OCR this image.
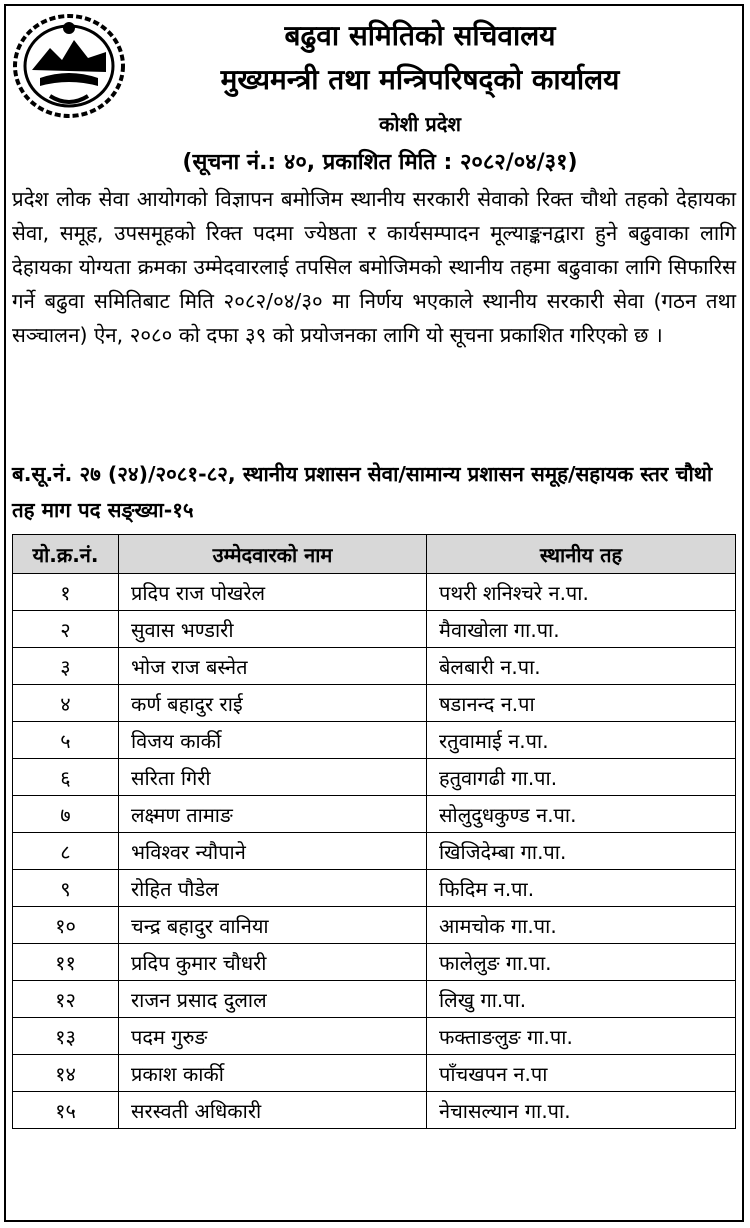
बढुवा समितिको सचिवालय
मुख्यमन्त्री तथा मन्त्रिपरिषद्को कार्यालय
कोशी प्रदेश
(सूचना नं.: ४०, प्रकाशित मिति : २०८२/०४/३१)
प्रदेश लोक सेवा आयोगको विज्ञापन बमोजिम स्थानीय सरकारी सेवाको रिक्त चौथो तहको देहायका सेवा, समूह, उपसमूहको रिक्त पदमा ज्येष्ठता र कार्यसम्पादन मूल्याङ्कनद्वारा हुने बढुवाका लागि देहायका योग्यता क्रमका उम्मेदवारलाई तपसिल बमोजिमको स्थानीय तहमा बढुवाका लागि सिफारिस गर्ने बढुवा समितिबाट मिति २०८२/०४/३० मा निर्णय भएकाले स्थानीय सरकारी सेवा (गठन तथा सञ्चालन) ऐन, २०८० को दफा ३९ को प्रयोजनका लागि यो सूचना प्रकाशित गरिएको छ ।
ब.सू.नं. २७ (२४)/२०८१-८२, स्थानीय प्रशासन सेवा/सामान्य प्रशासन समूह/सहायक स्तर चौथो तह माग पद सङ्ख्या-१५
यो.क्र.नं.	उम्मेदवारको नाम	स्थानीय तह
१	प्रदिप राज पोखरेल	पथरी शनिश्चरे न.पा.
२	सुवास भण्डारी	मैवाखोला गा.पा.
३	भोज राज बस्नेत	बेलबारी न.पा.
४	कर्ण बहादुर राई	षडानन्द न.पा
५	विजय कार्की	रतुवामाई न.पा.
६	सरिता गिरी	हतुवागढी गा.पा.
७	लक्ष्मण तामाङ	सोलुदुधकुण्ड न.पा.
८	भविश्वर न्यौपाने	खिजिदेम्बा गा.पा.
९	रोहित पौडेल	फिदिम न.पा.
१०	चन्द्र बहादुर वानिया	आमचोक गा.पा.
११	प्रदिप कुमार चौधरी	फालेलुङ गा.पा.
१२	राजन प्रसाद दुलाल	लिखु गा.पा.
१३	पदम गुरुङ	फक्ताङलुङ गा.पा.
१४	प्रकाश कार्की	पाँचखपन न.पा
१५	सरस्वती अधिकारी	नेचासल्यान गा.पा.
